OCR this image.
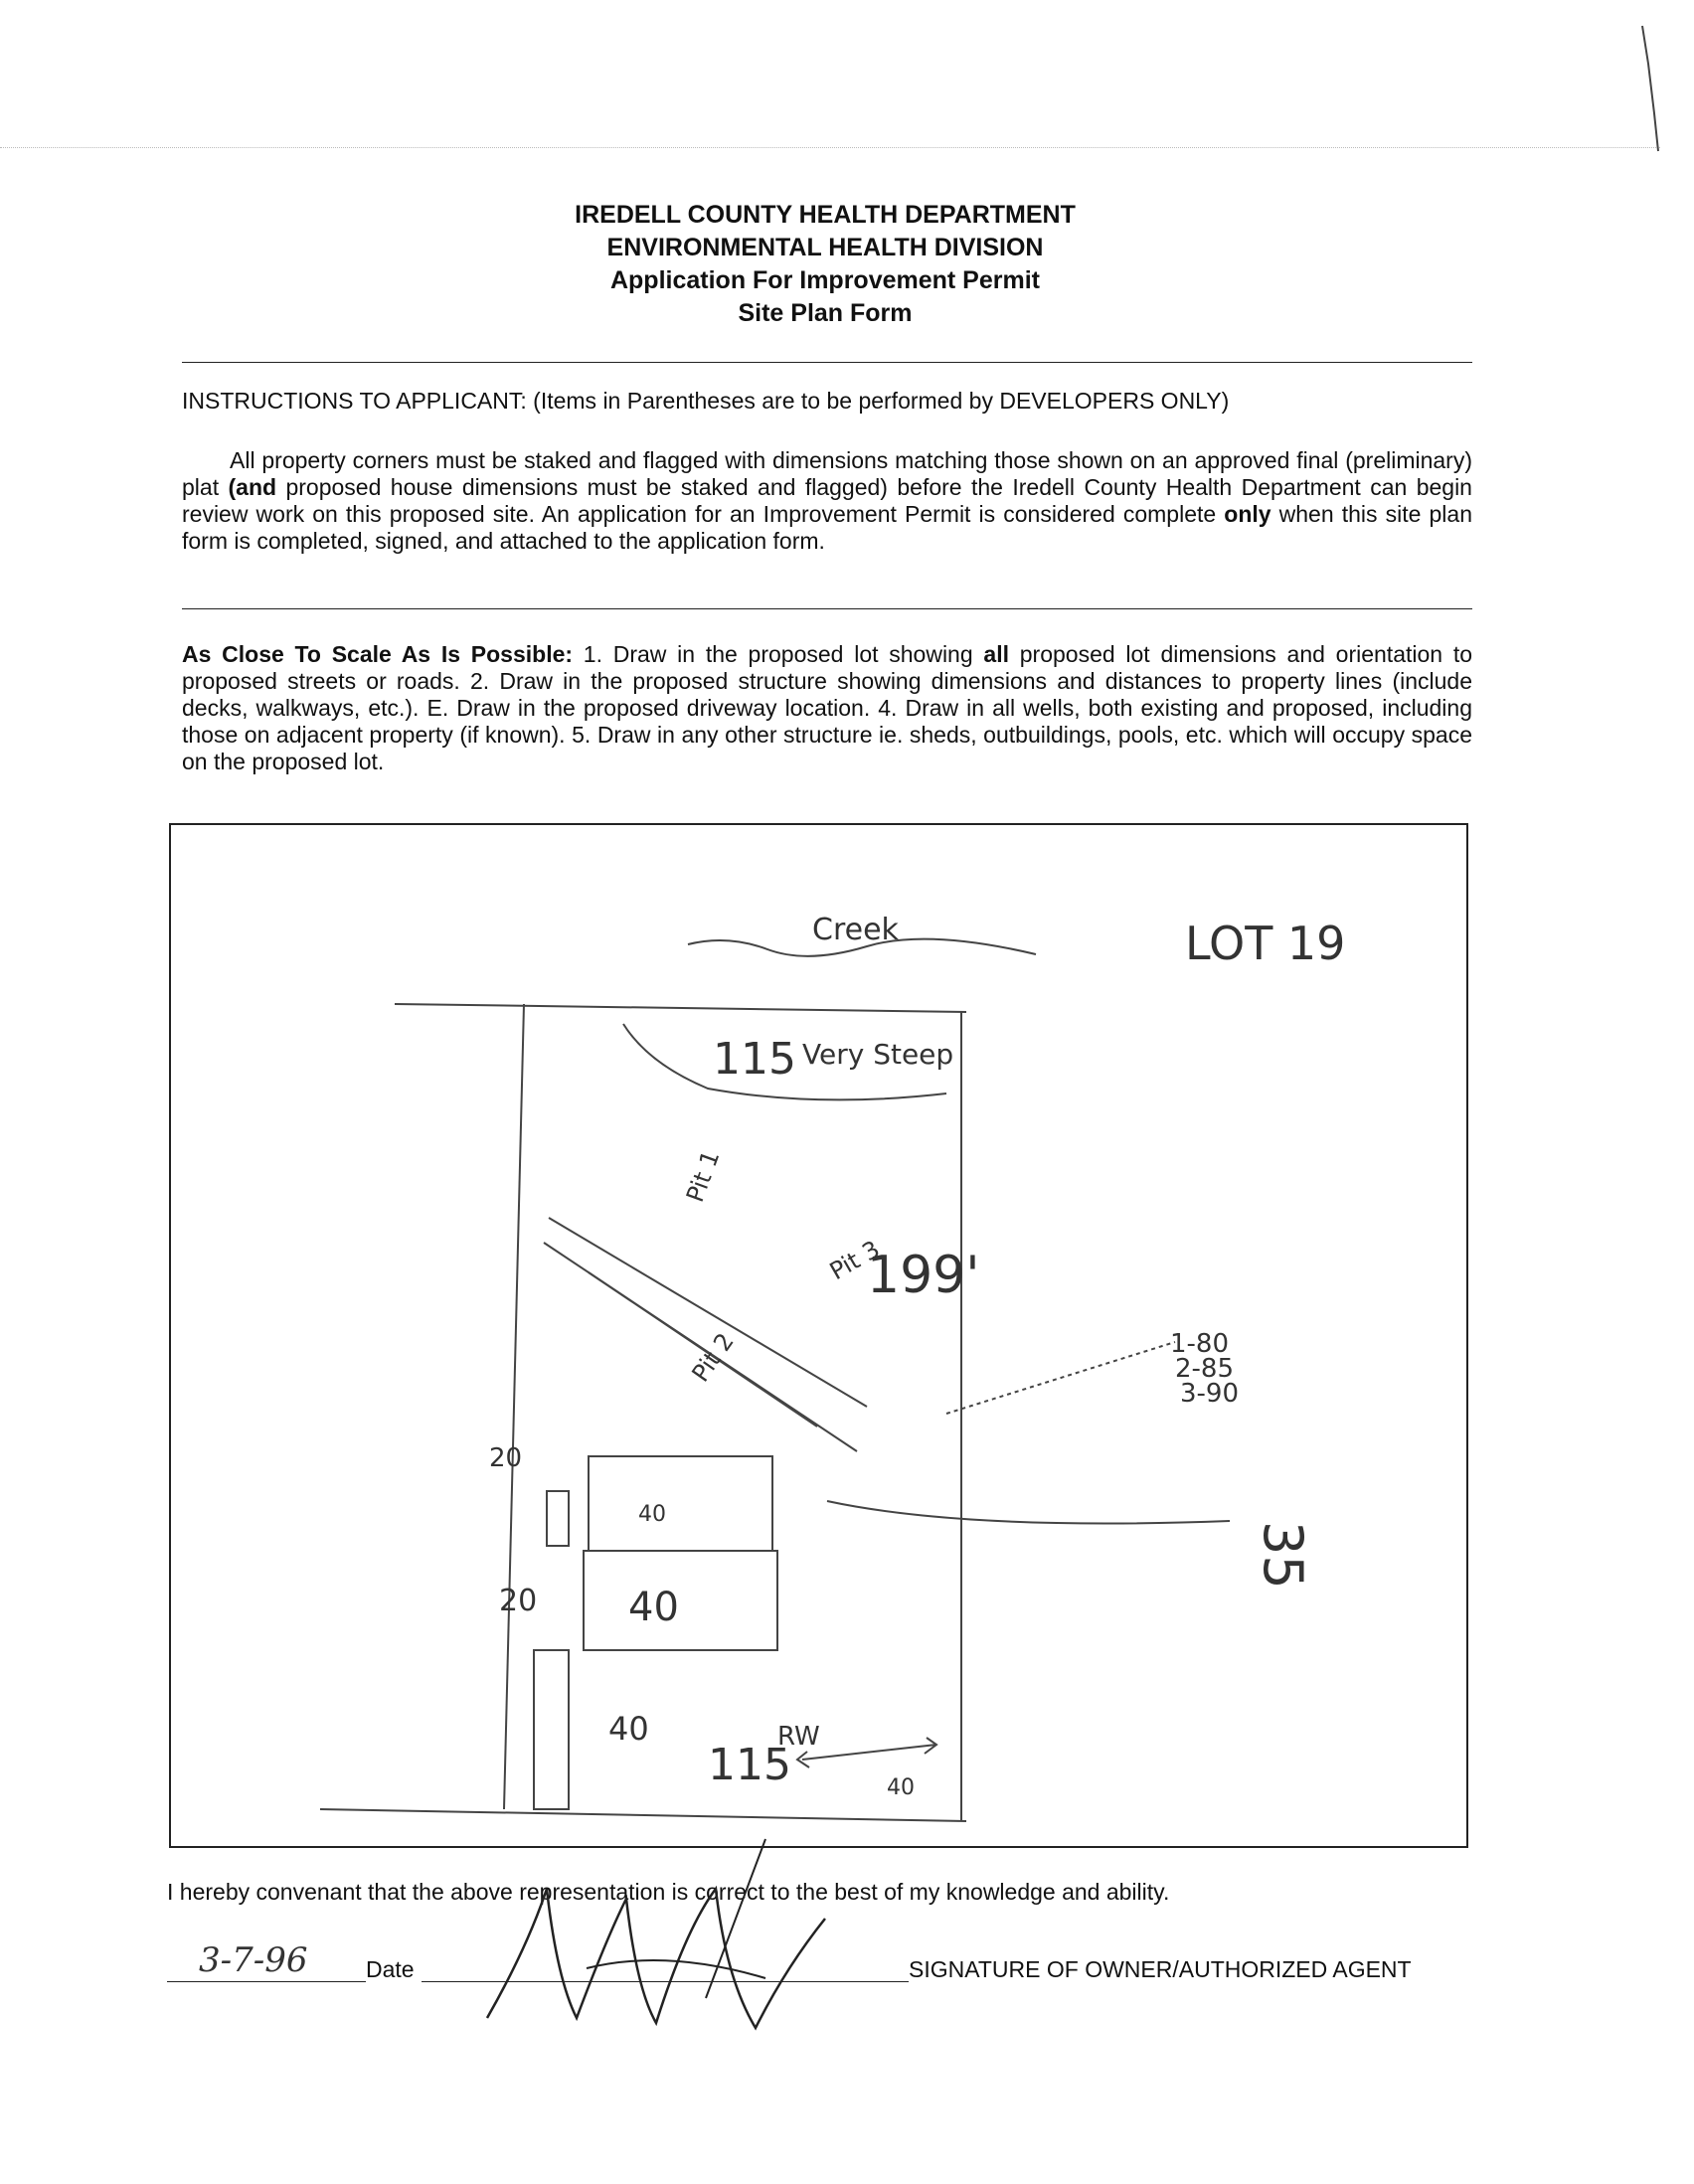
IREDELL COUNTY HEALTH DEPARTMENT
ENVIRONMENTAL HEALTH DIVISION
Application For Improvement Permit
Site Plan Form
INSTRUCTIONS TO APPLICANT: (Items in Parentheses are to be performed by DEVELOPERS ONLY)

All property corners must be staked and flagged with dimensions matching those shown on an approved final (preliminary) plat (and proposed house dimensions must be staked and flagged) before the Iredell County Health Department can begin review work on this proposed site. An application for an Improvement Permit is considered complete only when this site plan form is completed, signed, and attached to the application form.

As Close To Scale As Is Possible: 1. Draw in the proposed lot showing all proposed lot dimensions and orientation to proposed streets or roads. 2. Draw in the proposed structure showing dimensions and distances to property lines (include decks, walkways, etc.). E. Draw in the proposed driveway location. 4. Draw in all wells, both existing and proposed, including those on adjacent property (if known). 5. Draw in any other structure ie. sheds, outbuildings, pools, etc. which will occupy space on the proposed lot.

Creek	LOT 19
115 Very Steep
199'
20
20
40
40
40
115
RW
40
1-80
2-85
3-90
35
Pit 1
Pit 2
Pit 3
I hereby convenant that the above representation is correct to the best of my knowledge and ability.
3-7-96	Date	SIGNATURE OF OWNER/AUTHORIZED AGENT
